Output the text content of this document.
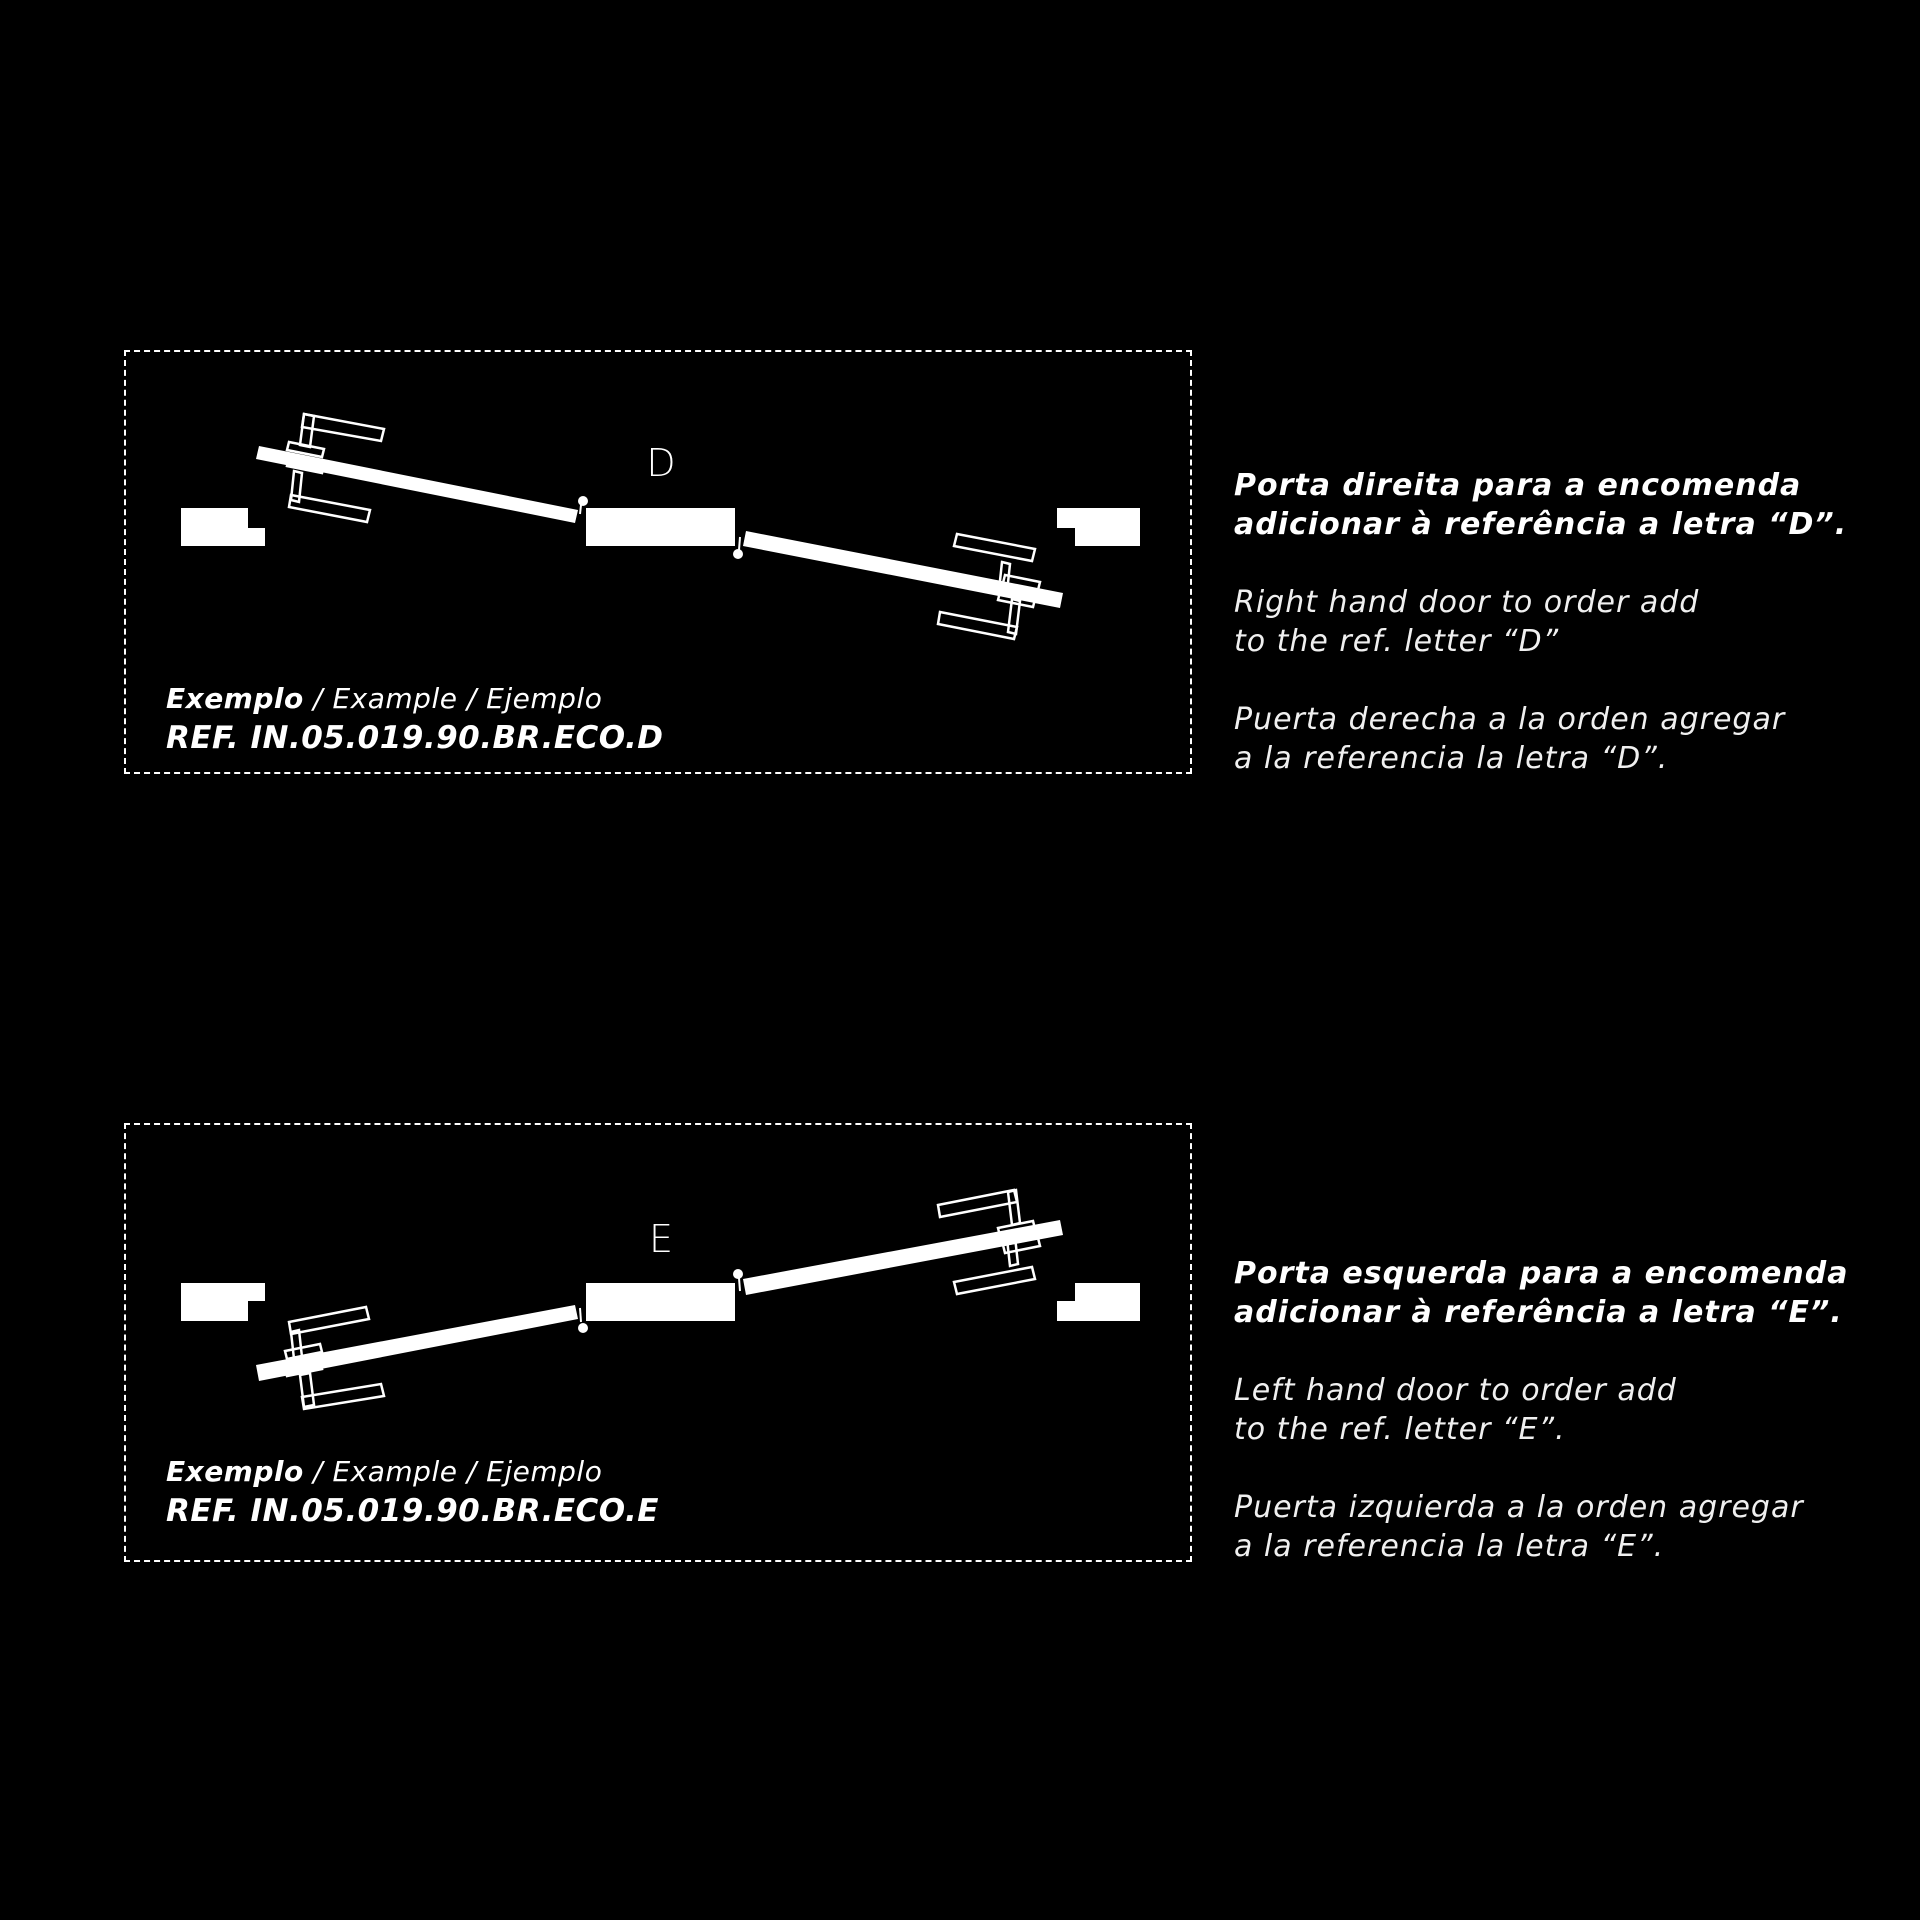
D
Exemplo / Example / Ejemplo
REF. IN.05.019.90.BR.ECO.D

Porta direita para a encomenda

adicionar à referência a letra “D”.

Right hand door to order add

to the ref. letter “D”

Puerta derecha a la orden agregar

a la referencia la letra “D”.

E
Exemplo / Example / Ejemplo
REF. IN.05.019.90.BR.ECO.E

Porta esquerda para a encomenda

adicionar à referência a letra “E”.

Left hand door to order add

to the ref. letter “E”.

Puerta izquierda a la orden agregar

a la referencia la letra “E”.
